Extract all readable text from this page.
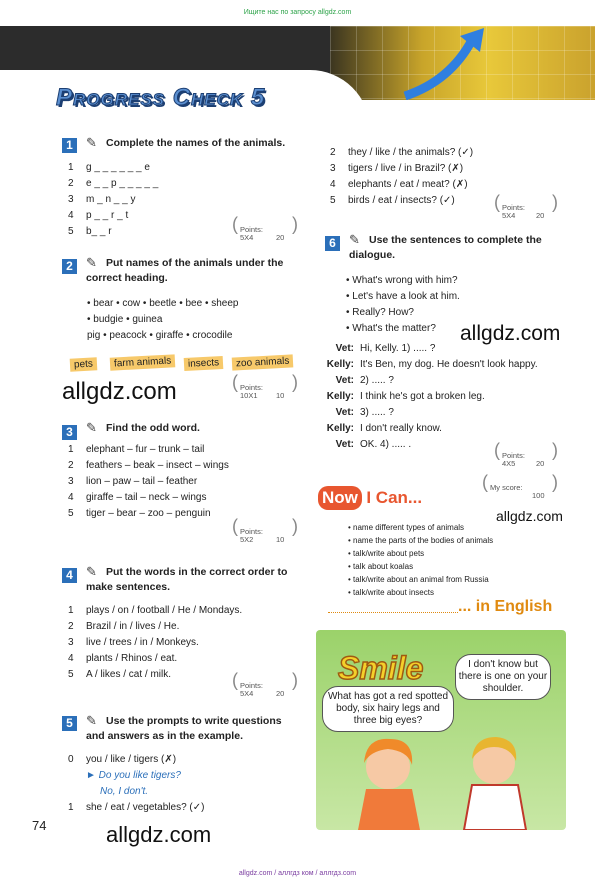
Ищите нас по запросу allgdz.com
Progress Check 5
1	✎ Complete the names of the animals.
1 g _ _ _ _ _ _ e
2 e _ _ p _ _ _ _ _
3 m _ n _ _ y
4 p _ _ r _ t
5 b_ _ r	(	)
Points:
5X4	20
2	✎ Put names of the animals under the
correct heading.
• bear • cow • beetle • bee • sheep
• budgie • guinea
pig • peacock • giraffe • crocodile
pets	farm animals	insects	zoo animals
allgdz.com	(	)
Points:
10X1 10
3	✎ Find the odd word.
1 elephant – fur – trunk – tail
2 feathers – beak – insect – wings
3 lion – paw – tail – feather
4 giraffe – tail – neck – wings
5 tiger – bear – zoo – penguin
(	)
Points:
5X2	10
4	✎ Put the words in the correct order to
make sentences.
1 plays / on / football / He / Mondays.
2 Brazil / in / lives / He.
3 live / trees / in / Monkeys.
4 plants / Rhinos / eat.
5 A / likes / cat / milk.	(	)
Points:
5X4	20
5	✎ Use the prompts to write questions
and answers as in the example.
0 you / like / tigers (✗)
► Do you like tigers?
No, I don't.
1 she / eat / vegetables? (✓)
2 they / like / the animals? (✓)
3 tigers / live / in Brazil? (✗)
4 elephants / eat / meat? (✗)
5 birds / eat / insects? (✓)	(	)
Points:
5X4	20
6	✎ Use the sentences to complete the
dialogue.
• What's wrong with him?
• Let's have a look at him.
• Really? How?
• What's the matter?	allgdz.com
Vet: Hi, Kelly. 1) ..... ?
Kelly: It's Ben, my dog. He doesn't look happy.
Vet: 2) ..... ?
Kelly: I think he's got a broken leg.
Vet: 3) ..... ?
Kelly: I don't really know.
Vet: OK. 4) ..... .	(	)
Points:
4X5	20
(	)
My score:
100
Now I Can...
allgdz.com
• name different types of animals
• name the parts of the bodies of animals
• talk/write about pets
• talk about koalas
• talk/write about an animal from Russia
• talk/write about insects
... in English
Smile	I don't know but there is one on your shoulder.
What has got a red spotted body, six hairy legs and three big eyes?
74	allgdz.com
allgdz.com / аллгдз ком / аллгдз.com
